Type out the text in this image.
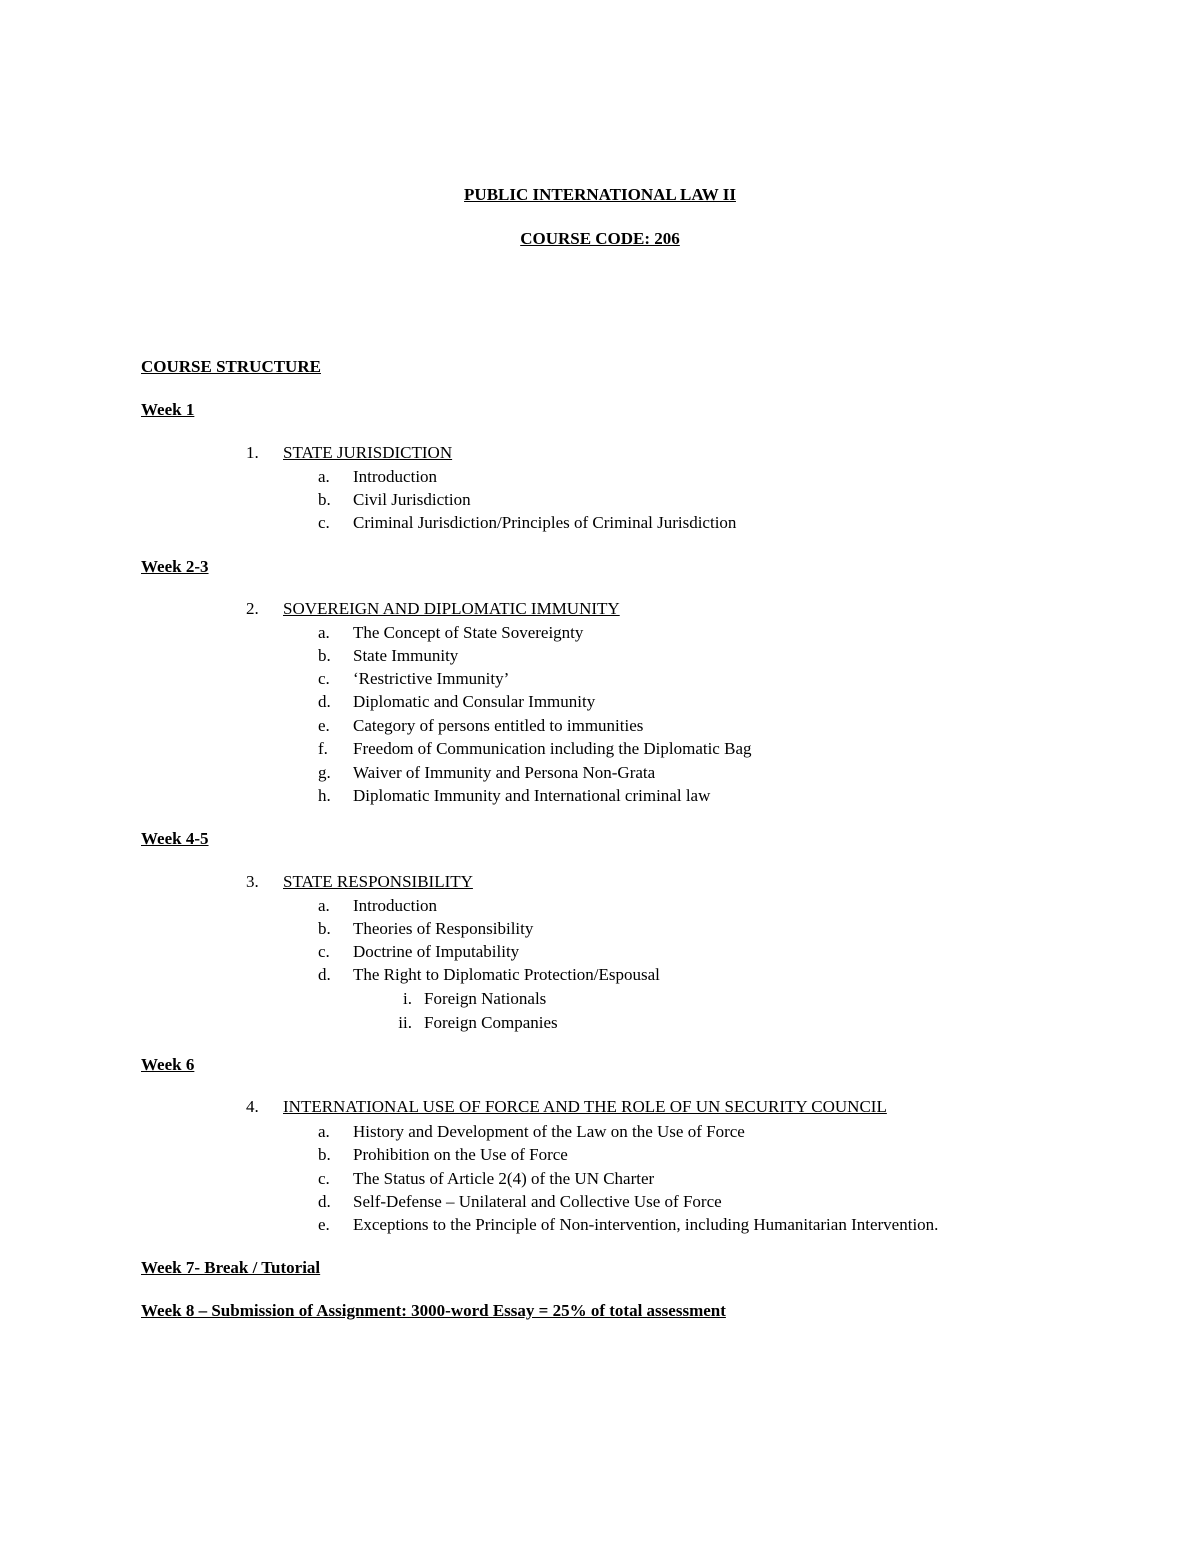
PUBLIC INTERNATIONAL LAW II
COURSE CODE: 206
COURSE STRUCTURE
Week 1
1. STATE JURISDICTION
a. Introduction
b. Civil Jurisdiction
c. Criminal Jurisdiction/Principles of Criminal Jurisdiction
Week 2-3
2. SOVEREIGN AND DIPLOMATIC IMMUNITY
a. The Concept of State Sovereignty
b. State Immunity
c. ‘Restrictive Immunity’
d. Diplomatic and Consular Immunity
e. Category of persons entitled to immunities
f. Freedom of Communication including the Diplomatic Bag
g. Waiver of Immunity and Persona Non-Grata
h. Diplomatic Immunity and International criminal law
Week 4-5
3. STATE RESPONSIBILITY
a. Introduction
b. Theories of Responsibility
c. Doctrine of Imputability
d. The Right to Diplomatic Protection/Espousal
i. Foreign Nationals
ii. Foreign Companies
Week 6
4. INTERNATIONAL USE OF FORCE AND THE ROLE OF UN SECURITY COUNCIL
a. History and Development of the Law on the Use of Force
b. Prohibition on the Use of Force
c. The Status of Article 2(4) of the UN Charter
d. Self-Defense – Unilateral and Collective Use of Force
e. Exceptions to the Principle of Non-intervention, including Humanitarian Intervention.
Week 7- Break / Tutorial
Week 8 – Submission of Assignment: 3000-word Essay = 25% of total assessment
